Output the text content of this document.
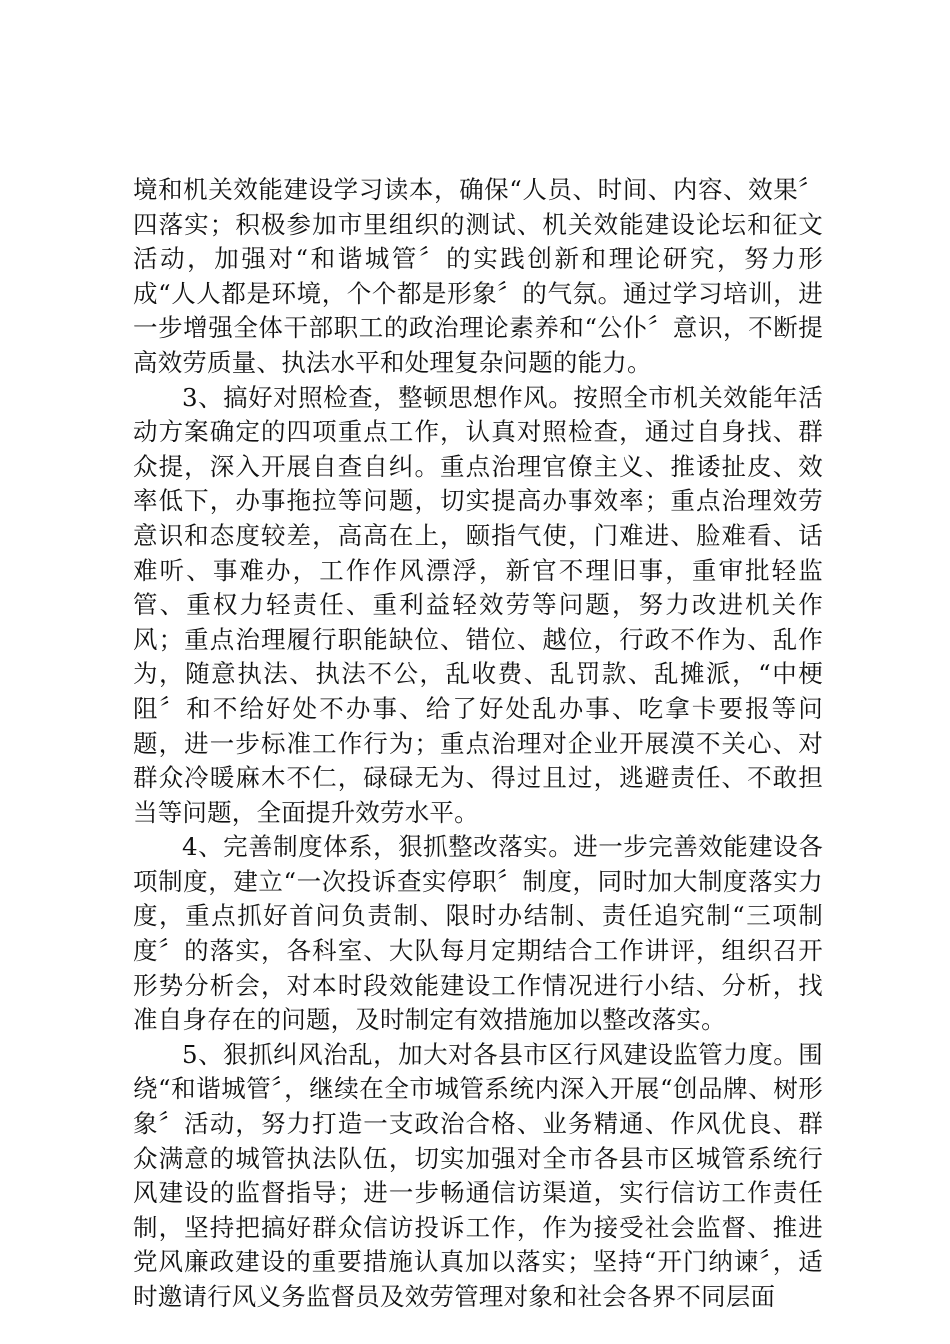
境和机关效能建设学习读本，确保“人员、时间、内容、效果〞四落实；积极参加市里组织的测试、机关效能建设论坛和征文活动，加强对“和谐城管〞的实践创新和理论研究，努力形成“人人都是环境，个个都是形象〞的气氛。通过学习培训，进一步增强全体干部职工的政治理论素养和“公仆〞意识，不断提高效劳质量、执法水平和处理复杂问题的能力。

3、搞好对照检查，整顿思想作风。按照全市机关效能年活动方案确定的四项重点工作，认真对照检查，通过自身找、群众提，深入开展自查自纠。重点治理官僚主义、推诿扯皮、效率低下，办事拖拉等问题，切实提高办事效率；重点治理效劳意识和态度较差，高高在上，颐指气使，门难进、脸难看、话难听、事难办，工作作风漂浮，新官不理旧事，重审批轻监管、重权力轻责任、重利益轻效劳等问题，努力改进机关作风；重点治理履行职能缺位、错位、越位，行政不作为、乱作为，随意执法、执法不公，乱收费、乱罚款、乱摊派，“中梗阻〞和不给好处不办事、给了好处乱办事、吃拿卡要报等问题，进一步标准工作行为；重点治理对企业开展漠不关心、对群众冷暖麻木不仁，碌碌无为、得过且过，逃避责任、不敢担当等问题，全面提升效劳水平。

4、完善制度体系，狠抓整改落实。进一步完善效能建设各项制度，建立“一次投诉查实停职〞制度，同时加大制度落实力度，重点抓好首问负责制、限时办结制、责任追究制“三项制度〞的落实，各科室、大队每月定期结合工作讲评，组织召开形势分析会，对本时段效能建设工作情况进行小结、分析，找准自身存在的问题，及时制定有效措施加以整改落实。

5、狠抓纠风治乱，加大对各县市区行风建设监管力度。围绕“和谐城管〞，继续在全市城管系统内深入开展“创品牌、树形象〞活动，努力打造一支政治合格、业务精通、作风优良、群众满意的城管执法队伍，切实加强对全市各县市区城管系统行风建设的监督指导；进一步畅通信访渠道，实行信访工作责任制，坚持把搞好群众信访投诉工作，作为接受社会监督、推进党风廉政建设的重要措施认真加以落实；坚持“开门纳谏〞，适时邀请行风义务监督员及效劳管理对象和社会各界不同层面
